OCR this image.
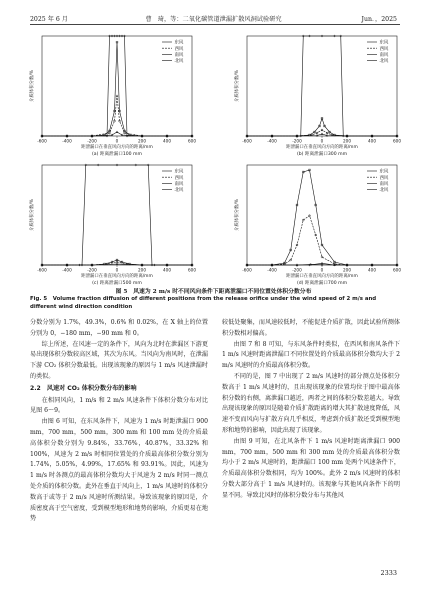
2025 年 6 月	曹　琦，等：二氧化碳管道泄漏扩散风洞试验研究	Jun．，2025
-600	-400	-200	0	200	400	600
介质体积分数/%
距泄漏口在垂直风向方向的距离/mm
(a) 距离泄漏口100 mm
东风
西风
南风
北风
-600	-400	-200	0	200	400	600
介质体积分数/%
距泄漏口在垂直风向方向的距离/mm
(b) 距离泄漏口300 mm
东风
西风
南风
北风
-600	-400	-200	0	200	400	600
介质体积分数/%
距泄漏口在垂直风向方向的距离/mm
(c) 距离泄漏口500 mm
东风
西风
南风
北风
-600	-400	-200	0	200	400	600
介质体积分数/%
距泄漏口在垂直风向方向的距离/mm
(d) 距离泄漏口700 mm
东风
西风
南风
北风
图 5　风速为 2 m/s 时不同风向条件下距离泄漏口不同位置处体积分数分布
Fig. 5 Volume fraction diffusion of different positions from the release orifice under the wind speed of 2 m/s and different wind direction condition

分数分别为 1.7%，49.3%，0.6% 和 0.02%，在 X 轴上的位置分别为 0，−180 mm，−90 mm 和 0。

综上所述，在风速一定的条件下，风向为北时在泄漏区下游更易出现体积分数较高区域，其次为东风。当风向为南风时，在泄漏下游 CO₂ 体积分数最低。出现该现象的原因与 1 m/s 风速泄漏时的类似。

2.2　风速对 CO₂ 体积分数分布的影响

在相同风向，1 m/s 和 2 m/s 风速条件下体积分数分布对比见图 6～9。

由图 6 可知，在东风条件下，风速为 1 m/s 时距泄漏口 900 mm，700 mm，500 mm，300 mm 和 100 mm 处的介质最高体积分数分别为 9.84%，33.76%，40.87%，33.32% 和 100%，风速为 2 m/s 时相同位置处的介质最高体积分数分别为 1.74%，5.05%，4.99%，17.65% 和 93.91%。因此，风速为 1 m/s 时各测点的最高体积分数均大于风速为 2 m/s 时同一测点处介质的体积分数。此外在垂直于风向上，1 m/s 风速时的体积分数高于或等于 2 m/s 风速时所测结果。导致该现象的原因是，介质密度高于空气密度，受到模型地形和地势的影响，介质更易在地势

较低处聚集，而风速较低时，不能促进介质扩散，因此试验所测体积分数相对偏高。

由图 7 和 8 可知，与东风条件时类似，在西风和南风条件下 1 m/s 风速时距离泄漏口不同位置处的介质最高体积分数均大于 2 m/s 风速时的介质最高体积分数。

不同的是，图 7 中出现了 2 m/s 风速时的部分测点处体积分数高于 1 m/s 风速时的，且出现该现象的位置均位于图中最高体积分数的右侧，离泄漏口越近，两者之间的体积分数差越大。导致出现该现象的原因是随着介质扩散距离的增大其扩散速度降低，风速不变而风向与扩散方向几乎相反，考虑到介质扩散还受到模型地形和地势的影响，因此出现了该现象。

由图 9 可知，在北风条件下 1 m/s 风速时距离泄漏口 900 mm，700 mm，500 mm 和 300 mm 处的介质最高体积分数均小于 2 m/s 风速时的，距泄漏口 100 mm 处两个风速条件下，介质最高体积分数相同，均为 100%。此外 2 m/s 风速时的体积分数大部分高于 1 m/s 风速时的。该现象与其他风向条件下的明显不同。导致北风时的体积分数分布与其他风

2333
